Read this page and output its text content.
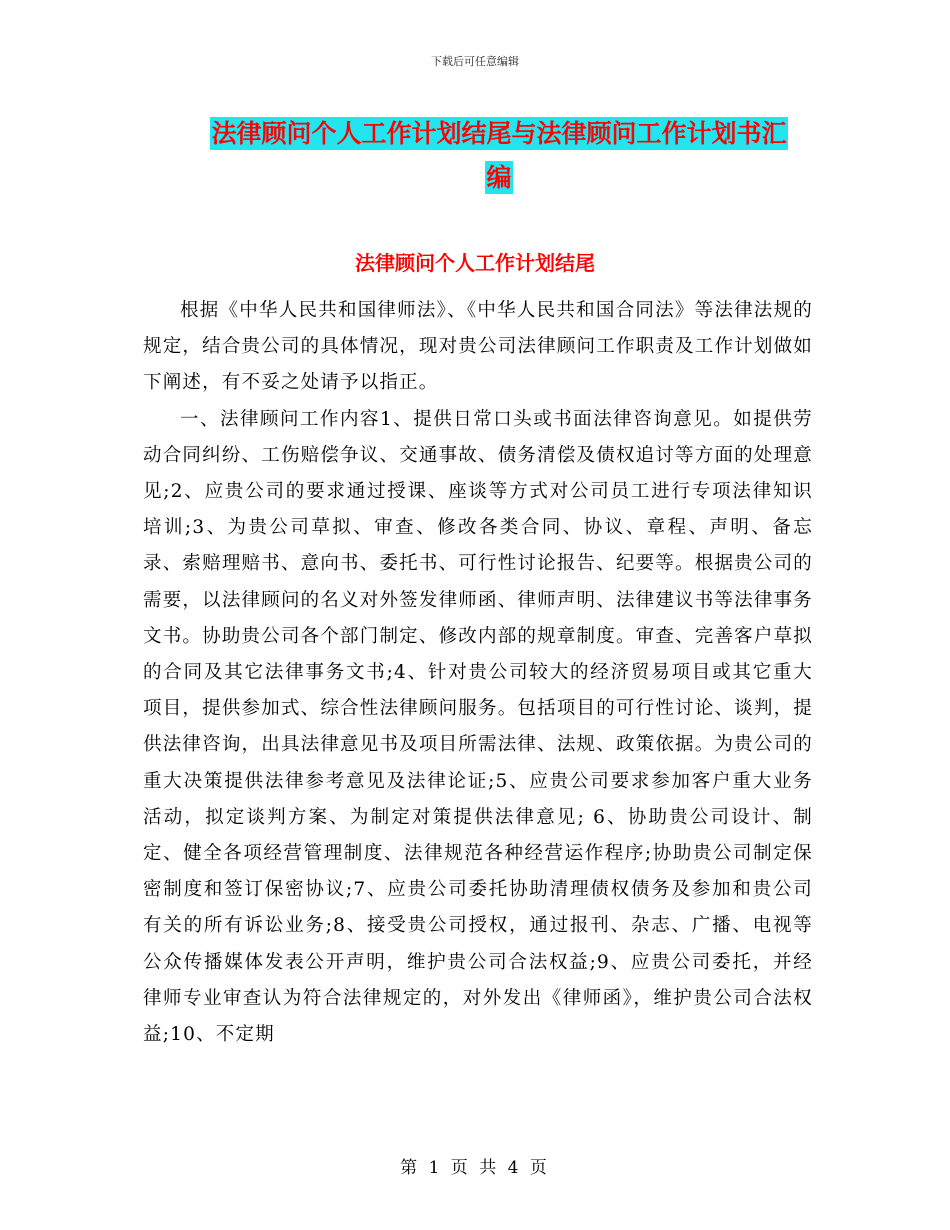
下载后可任意编辑
法律顾问个人工作计划结尾与法律顾问工作计划书汇
编
法律顾问个人工作计划结尾

根据《中华人民共和国律师法》、《中华人民共和国合同法》等法律法规的规定，结合贵公司的具体情况，现对贵公司法律顾问工作职责及工作计划做如下阐述，有不妥之处请予以指正。

一、法律顾问工作内容1、提供日常口头或书面法律咨询意见。如提供劳动合同纠纷、工伤赔偿争议、交通事故、债务清偿及债权追讨等方面的处理意见;2、应贵公司的要求通过授课、座谈等方式对公司员工进行专项法律知识培训;3、为贵公司草拟、审查、修改各类合同、协议、章程、声明、备忘录、索赔理赔书、意向书、委托书、可行性讨论报告、纪要等。根据贵公司的需要，以法律顾问的名义对外签发律师函、律师声明、法律建议书等法律事务文书。协助贵公司各个部门制定、修改内部的规章制度。审查、完善客户草拟的合同及其它法律事务文书;4、针对贵公司较大的经济贸易项目或其它重大项目，提供参加式、综合性法律顾问服务。包括项目的可行性讨论、谈判，提供法律咨询，出具法律意见书及项目所需法律、法规、政策依据。为贵公司的重大决策提供法律参考意见及法律论证;5、应贵公司要求参加客户重大业务活动，拟定谈判方案、为制定对策提供法律意见; 6、协助贵公司设计、制定、健全各项经营管理制度、法律规范各种经营运作程序;协助贵公司制定保密制度和签订保密协议;7、应贵公司委托协助清理债权债务及参加和贵公司有关的所有诉讼业务;8、接受贵公司授权，通过报刊、杂志、广播、电视等公众传播媒体发表公开声明，维护贵公司合法权益;9、应贵公司委托，并经律师专业审查认为符合法律规定的，对外发出《律师函》，维护贵公司合法权益;10、不定期

第 1 页 共 4 页
